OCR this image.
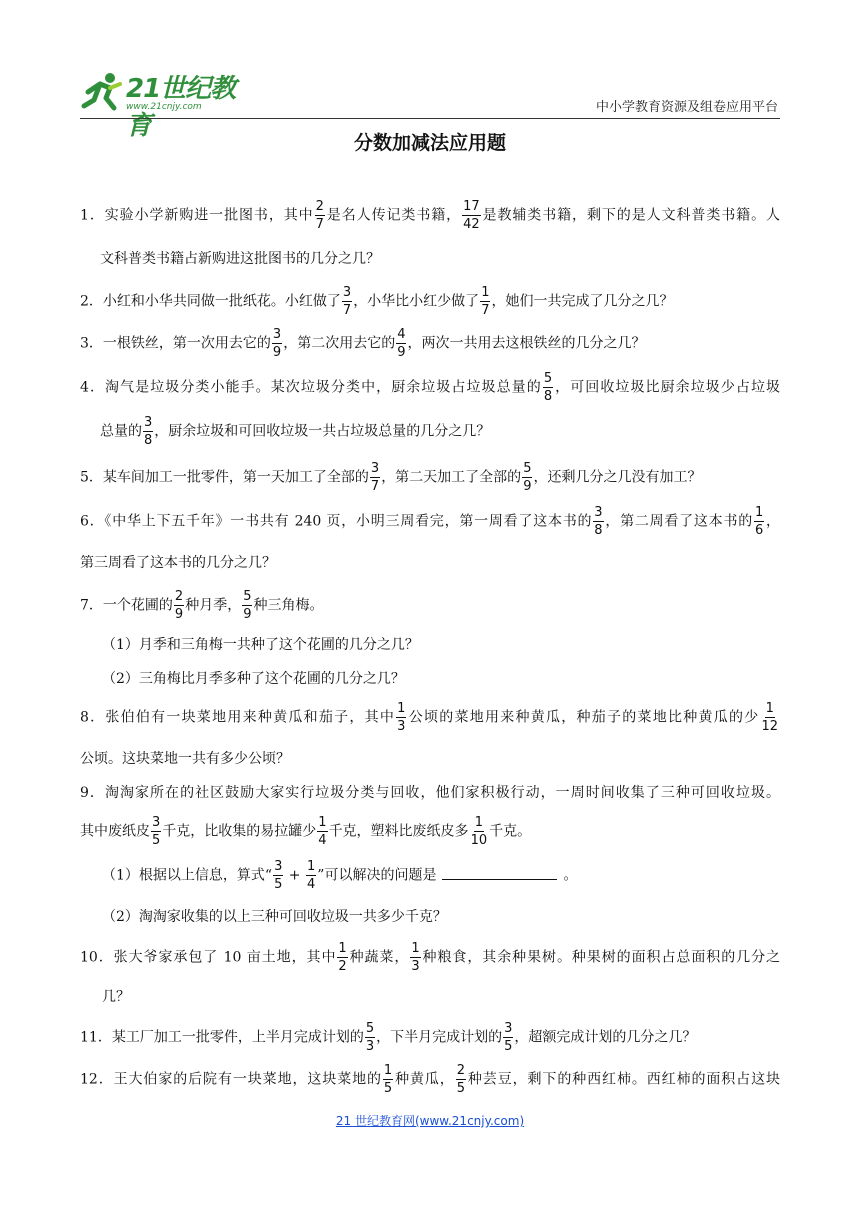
21世纪教育
www.21cnjy.com	中小学教育资源及组卷应用平台
分数加减法应用题
1．实验小学新购进一批图书，其中 $\frac{2}{7}$ 是名人传记类书籍， $\frac{17}{42}$ 是教辅类书籍，剩下的是人文科普类书籍。人
文科普类书籍占新购进这批图书的几分之几？
2．小红和小华共同做一批纸花。小红做了 $\frac{3}{7}$ ，小华比小红少做了 $\frac{1}{7}$ ，她们一共完成了几分之几？
3．一根铁丝，第一次用去它的 $\frac{3}{9}$ ，第二次用去它的 $\frac{4}{9}$ ，两次一共用去这根铁丝的几分之几？
4．淘气是垃圾分类小能手。某次垃圾分类中，厨余垃圾占垃圾总量的 $\frac{5}{8}$ ，可回收垃圾比厨余垃圾少占垃圾
总量的 $\frac{3}{8}$ ，厨余垃圾和可回收垃圾一共占垃圾总量的几分之几？
5．某车间加工一批零件，第一天加工了全部的 $\frac{3}{7}$ ，第二天加工了全部的 $\frac{5}{9}$ ，还剩几分之几没有加工？
6．《中华上下五千年》一书共有 240 页，小明三周看完，第一周看了这本书的 $\frac{3}{8}$ ，第二周看了这本书的 $\frac{1}{6}$ ，
第三周看了这本书的几分之几？
7．一个花圃的 $\frac{2}{9}$ 种月季， $\frac{5}{9}$ 种三角梅。
（1）月季和三角梅一共种了这个花圃的几分之几？
（2）三角梅比月季多种了这个花圃的几分之几？
8．张伯伯有一块菜地用来种黄瓜和茄子，其中 $\frac{1}{3}$ 公顷的菜地用来种黄瓜，种茄子的菜地比种黄瓜的少 $\frac{1}{12}$
公顷。这块菜地一共有多少公顷？
9．淘淘家所在的社区鼓励大家实行垃圾分类与回收，他们家积极行动，一周时间收集了三种可回收垃圾。
其中废纸皮 $\frac{3}{5}$ 千克，比收集的易拉罐少 $\frac{1}{4}$ 千克，塑料比废纸皮多 $\frac{1}{10}$ 千克。
（1）根据以上信息，算式“ $\frac{3}{5} + \frac{1}{4}$ ”可以解决的问题是	。
（2）淘淘家收集的以上三种可回收垃圾一共多少千克？
10．张大爷家承包了 10 亩土地，其中 $\frac{1}{2}$ 种蔬菜， $\frac{1}{3}$ 种粮食，其余种果树。种果树的面积占总面积的几分之
几？
11．某工厂加工一批零件，上半月完成计划的 $\frac{5}{3}$ ，下半月完成计划的 $\frac{3}{5}$ ，超额完成计划的几分之几？
12．王大伯家的后院有一块菜地，这块菜地的 $\frac{1}{5}$ 种黄瓜， $\frac{2}{5}$ 种芸豆，剩下的种西红柿。西红柿的面积占这块
21 世纪教育网(www.21cnjy.com)
